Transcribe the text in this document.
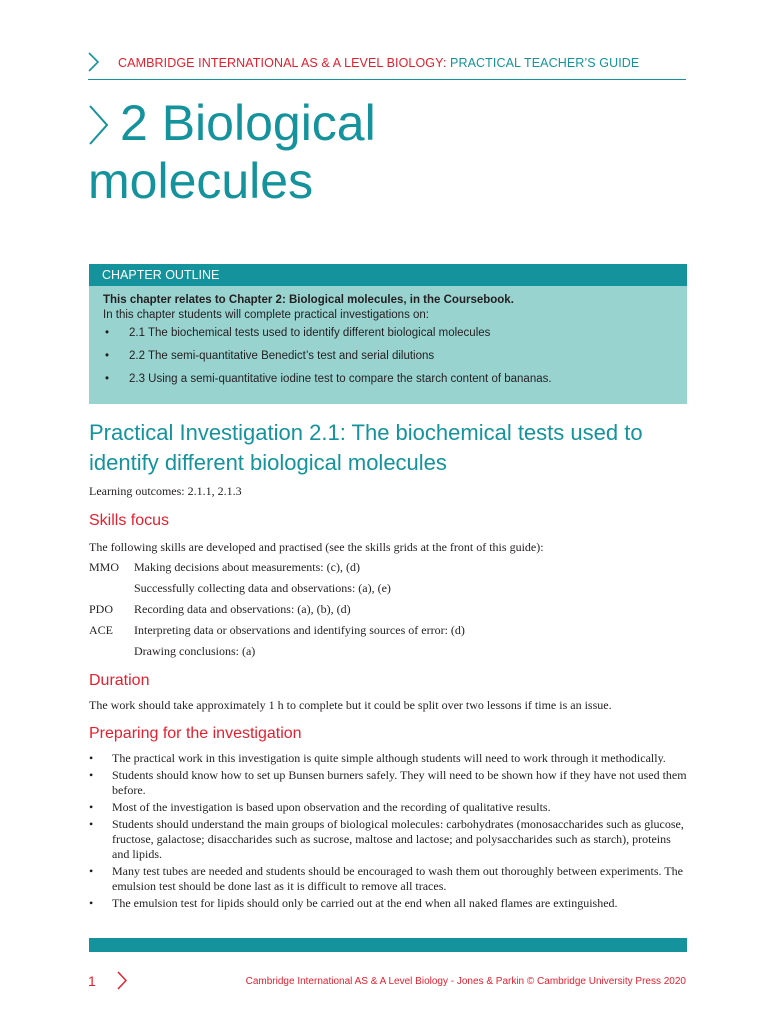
CAMBRIDGE INTERNATIONAL AS & A LEVEL BIOLOGY: PRACTICAL TEACHER’S GUIDE
2 Biological
molecules
CHAPTER OUTLINE
This chapter relates to Chapter 2: Biological molecules, in the Coursebook.
In this chapter students will complete practical investigations on:
• 2.1 The biochemical tests used to identify different biological molecules
• 2.2 The semi-quantitative Benedict’s test and serial dilutions
• 2.3 Using a semi-quantitative iodine test to compare the starch content of bananas.
Practical Investigation 2.1: The biochemical tests used to identify different biological molecules
Learning outcomes: 2.1.1, 2.1.3
Skills focus
The following skills are developed and practised (see the skills grids at the front of this guide):
MMO Making decisions about measurements: (c), (d)
Successfully collecting data and observations: (a), (e)
PDO Recording data and observations: (a), (b), (d)
ACE Interpreting data or observations and identifying sources of error: (d)
Drawing conclusions: (a)
Duration
The work should take approximately 1 h to complete but it could be split over two lessons if time is an issue.
Preparing for the investigation
• The practical work in this investigation is quite simple although students will need to work through it methodically.
• Students should know how to set up Bunsen burners safely. They will need to be shown how if they have not used them before.
• Most of the investigation is based upon observation and the recording of qualitative results.
• Students should understand the main groups of biological molecules: carbohydrates (monosaccharides such as glucose, fructose, galactose; disaccharides such as sucrose, maltose and lactose; and polysaccharides such as starch), proteins and lipids.
• Many test tubes are needed and students should be encouraged to wash them out thoroughly between experiments. The emulsion test should be done last as it is difficult to remove all traces.
• The emulsion test for lipids should only be carried out at the end when all naked flames are extinguished.
1	Cambridge International AS & A Level Biology - Jones & Parkin © Cambridge University Press 2020
